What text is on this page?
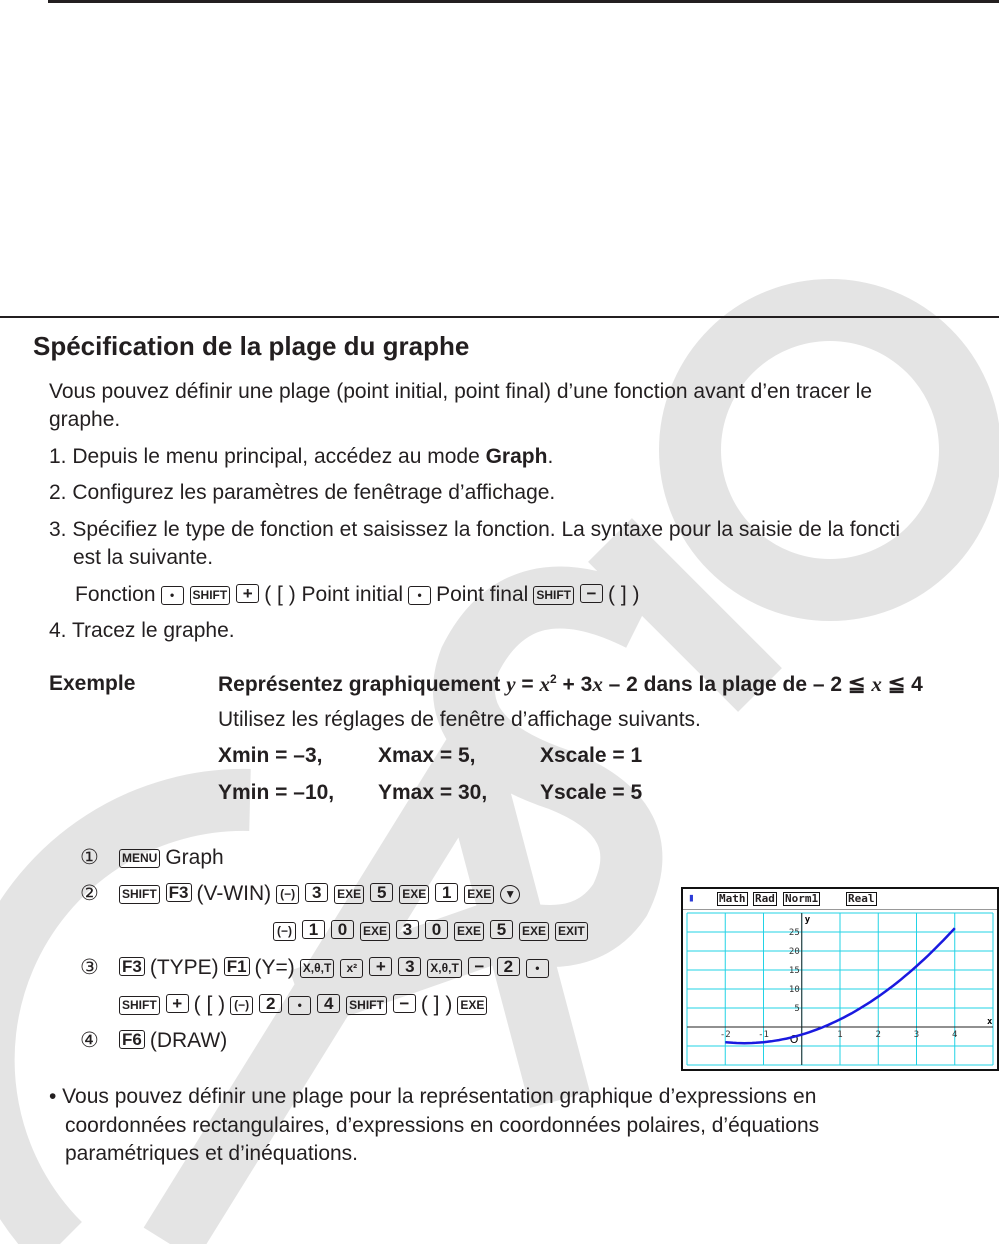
Spécification de la plage du graphe
Vous pouvez définir une plage (point initial, point final) d’une fonction avant d’en tracer le
graphe.
1. Depuis le menu principal, accédez au mode Graph.
2. Configurez les paramètres de fenêtrage d’affichage.
3. Spécifiez le type de fonction et saisissez la fonction. La syntaxe pour la saisie de la foncti
est la suivante.
Fonction • SHIFT + ( [ ) Point initial • Point final SHIFT − ( ] )
4. Tracez le graphe.
Exemple	Représentez graphiquement $y = x^2 + 3x - 2$ dans la plage de – 2 ≦ x ≦ 4
Utilisez les réglages de fenêtre d’affichage suivants.
Xmin = –3,	Xmax = 5,	Xscale = 1
Ymin = –10, Ymax = 30,	Yscale = 5
① MENU Graph
② SHIFT F3 (V-WIN) (−) 3 EXE 5 EXE 1 EXE ▼
(−) 1 0 EXE 3 0 EXE 5 EXE EXIT
③ F3 (TYPE) F1 (Y=) X,θ,T x² + 3 X,θ,T − 2 •
SHIFT + ( [ ) (−) 2 • 4 SHIFT − ( ] ) EXE
④ F6 (DRAW)
▮ Math Rad Norm1	Real
-2	-1	1	2	3	4
5
10
15
20
25
x
y
O
• Vous pouvez définir une plage pour la représentation graphique d’expressions en
coordonnées rectangulaires, d’expressions en coordonnées polaires, d’équations
paramétriques et d’inéquations.
